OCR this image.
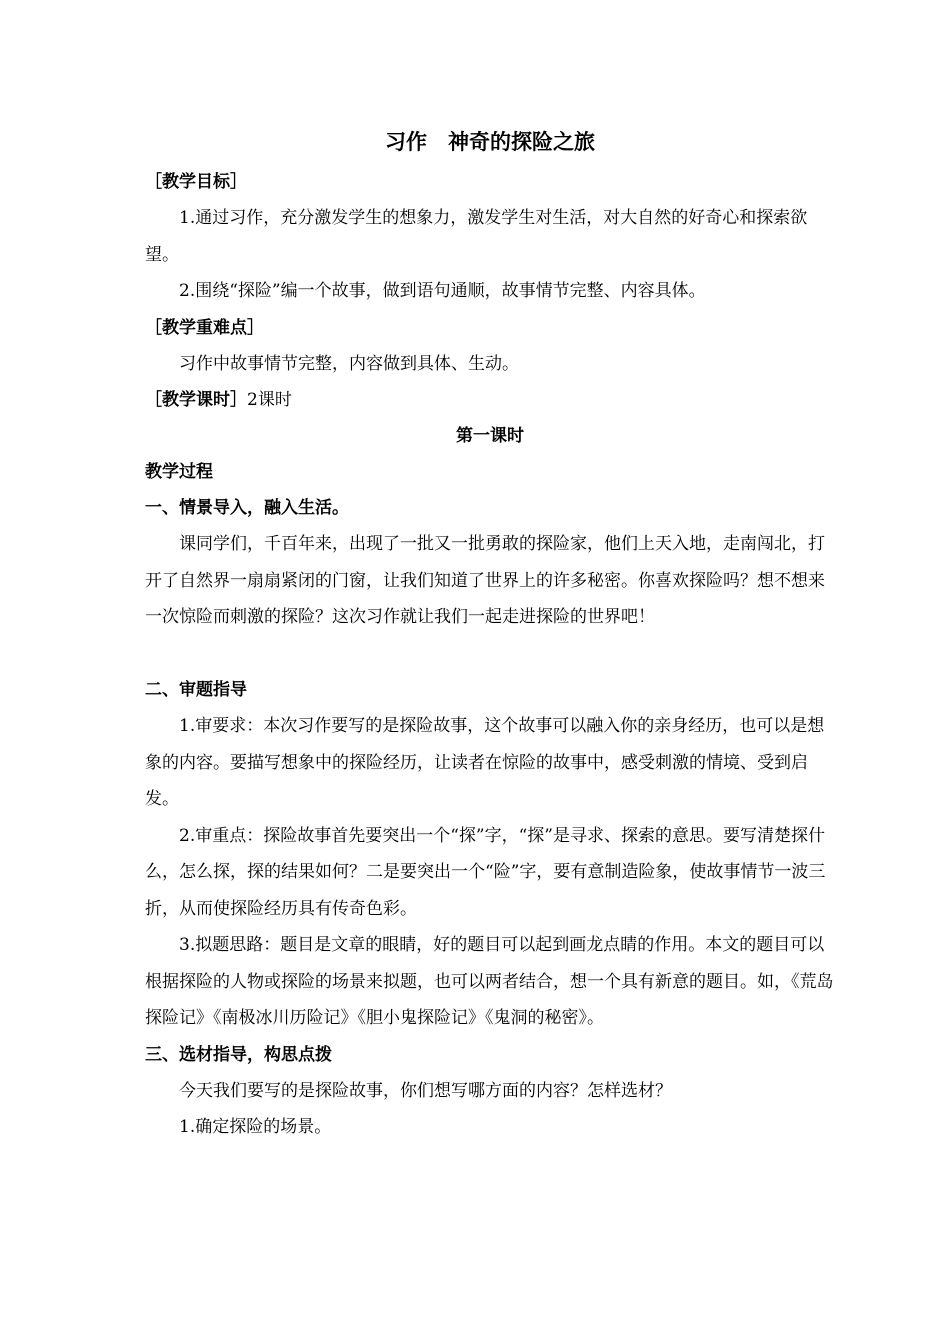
习作　神奇的探险之旅
［教学目标］

1.通过习作，充分激发学生的想象力，激发学生对生活，对大自然的好奇心和探索欲望。

2.围绕“探险”编一个故事，做到语句通顺，故事情节完整、内容具体。

［教学重难点］

习作中故事情节完整，内容做到具体、生动。

［教学课时］2课时
第一课时
教学过程
一、情景导入，融入生活。

课同学们，千百年来，出现了一批又一批勇敢的探险家，他们上天入地，走南闯北，打开了自然界一扇扇紧闭的门窗，让我们知道了世界上的许多秘密。你喜欢探险吗？想不想来一次惊险而刺激的探险？这次习作就让我们一起走进探险的世界吧！

二、审题指导

1.审要求：本次习作要写的是探险故事，这个故事可以融入你的亲身经历，也可以是想象的内容。要描写想象中的探险经历，让读者在惊险的故事中，感受刺激的情境、受到启发。

2.审重点：探险故事首先要突出一个“探”字，“探”是寻求、探索的意思。要写清楚探什么，怎么探，探的结果如何？二是要突出一个“险”字，要有意制造险象，使故事情节一波三折，从而使探险经历具有传奇色彩。

3.拟题思路：题目是文章的眼睛，好的题目可以起到画龙点睛的作用。本文的题目可以根据探险的人物或探险的场景来拟题，也可以两者结合，想一个具有新意的题目。如，《荒岛探险记》《南极冰川历险记》《胆小鬼探险记》《鬼洞的秘密》。

三、选材指导，构思点拨

今天我们要写的是探险故事，你们想写哪方面的内容？怎样选材？

1.确定探险的场景。
